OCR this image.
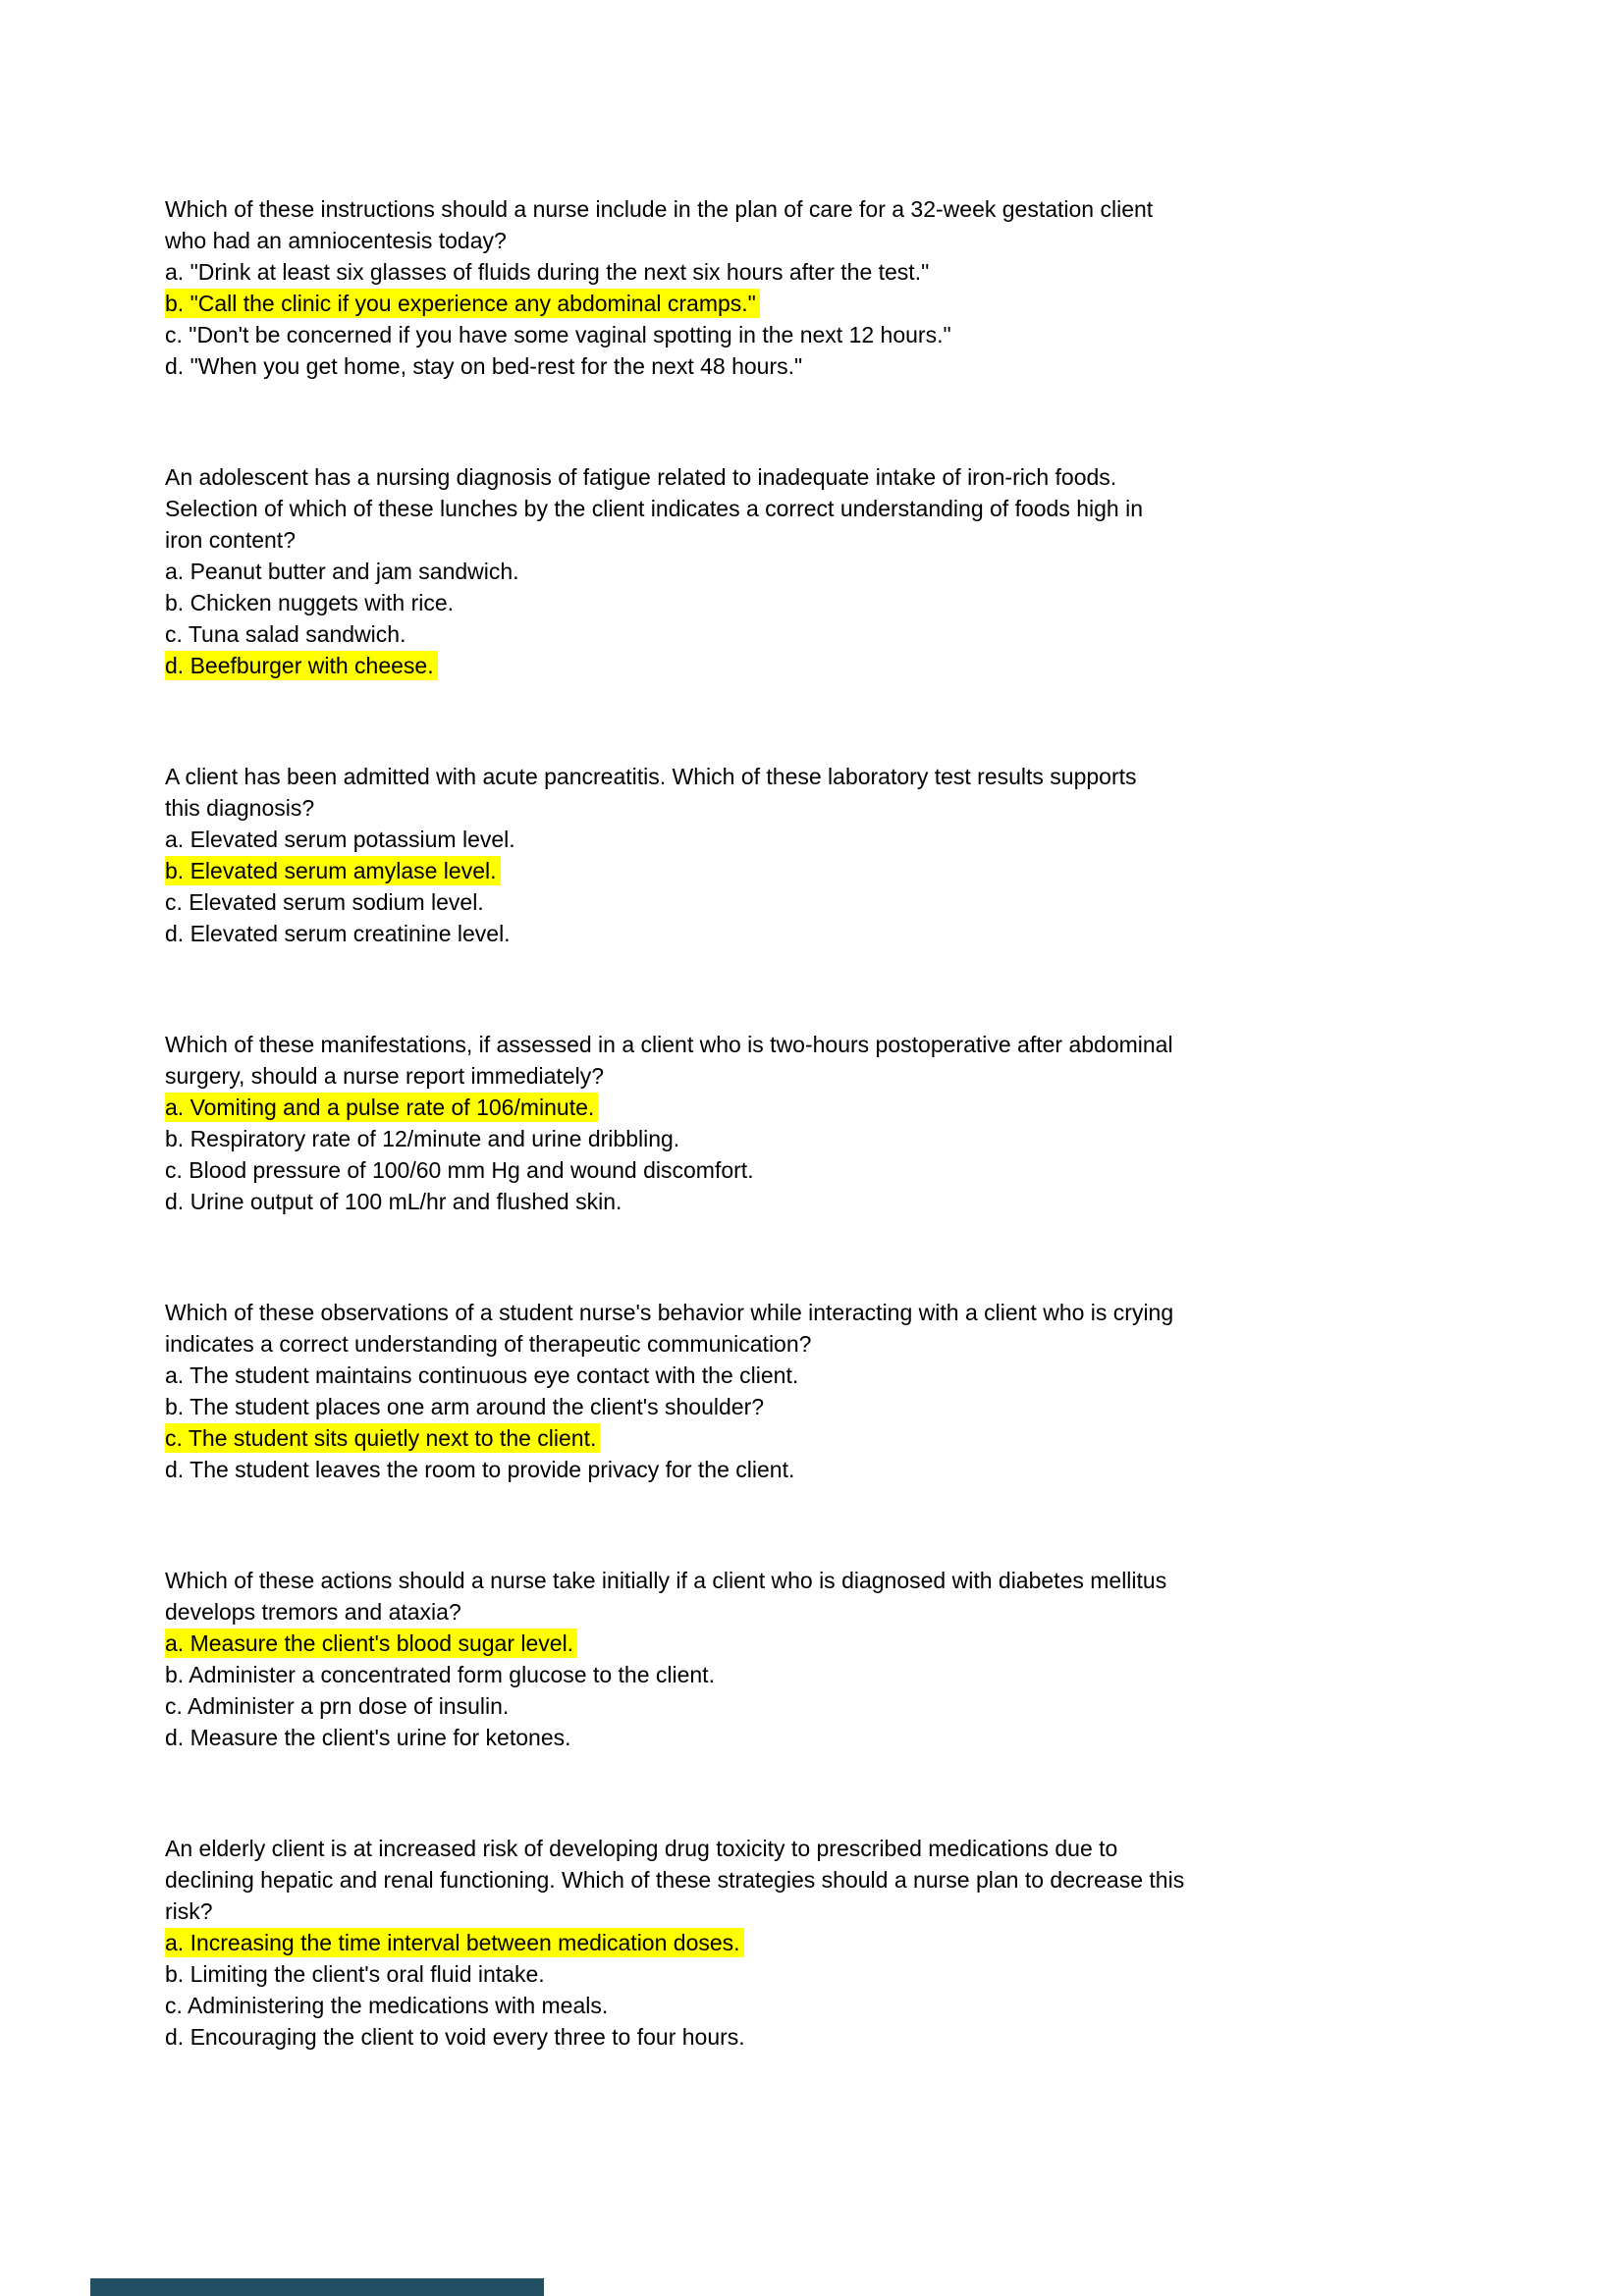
Which of these instructions should a nurse include in the plan of care for a 32-week gestation client
who had an amniocentesis today?
a. "Drink at least six glasses of fluids during the next six hours after the test."
b. "Call the clinic if you experience any abdominal cramps."
c. "Don't be concerned if you have some vaginal spotting in the next 12 hours."
d. "When you get home, stay on bed-rest for the next 48 hours."
An adolescent has a nursing diagnosis of fatigue related to inadequate intake of iron-rich foods.
Selection of which of these lunches by the client indicates a correct understanding of foods high in
iron content?
a. Peanut butter and jam sandwich.
b. Chicken nuggets with rice.
c. Tuna salad sandwich.
d. Beefburger with cheese.
A client has been admitted with acute pancreatitis. Which of these laboratory test results supports
this diagnosis?
a. Elevated serum potassium level.
b. Elevated serum amylase level.
c. Elevated serum sodium level.
d. Elevated serum creatinine level.
Which of these manifestations, if assessed in a client who is two-hours postoperative after abdominal
surgery, should a nurse report immediately?
a. Vomiting and a pulse rate of 106/minute.
b. Respiratory rate of 12/minute and urine dribbling.
c. Blood pressure of 100/60 mm Hg and wound discomfort.
d. Urine output of 100 mL/hr and flushed skin.
Which of these observations of a student nurse's behavior while interacting with a client who is crying
indicates a correct understanding of therapeutic communication?
a. The student maintains continuous eye contact with the client.
b. The student places one arm around the client's shoulder?
c. The student sits quietly next to the client.
d. The student leaves the room to provide privacy for the client.
Which of these actions should a nurse take initially if a client who is diagnosed with diabetes mellitus
develops tremors and ataxia?
a. Measure the client's blood sugar level.
b. Administer a concentrated form glucose to the client.
c. Administer a prn dose of insulin.
d. Measure the client's urine for ketones.
An elderly client is at increased risk of developing drug toxicity to prescribed medications due to
declining hepatic and renal functioning. Which of these strategies should a nurse plan to decrease this
risk?
a. Increasing the time interval between medication doses.
b. Limiting the client's oral fluid intake.
c. Administering the medications with meals.
d. Encouraging the client to void every three to four hours.
